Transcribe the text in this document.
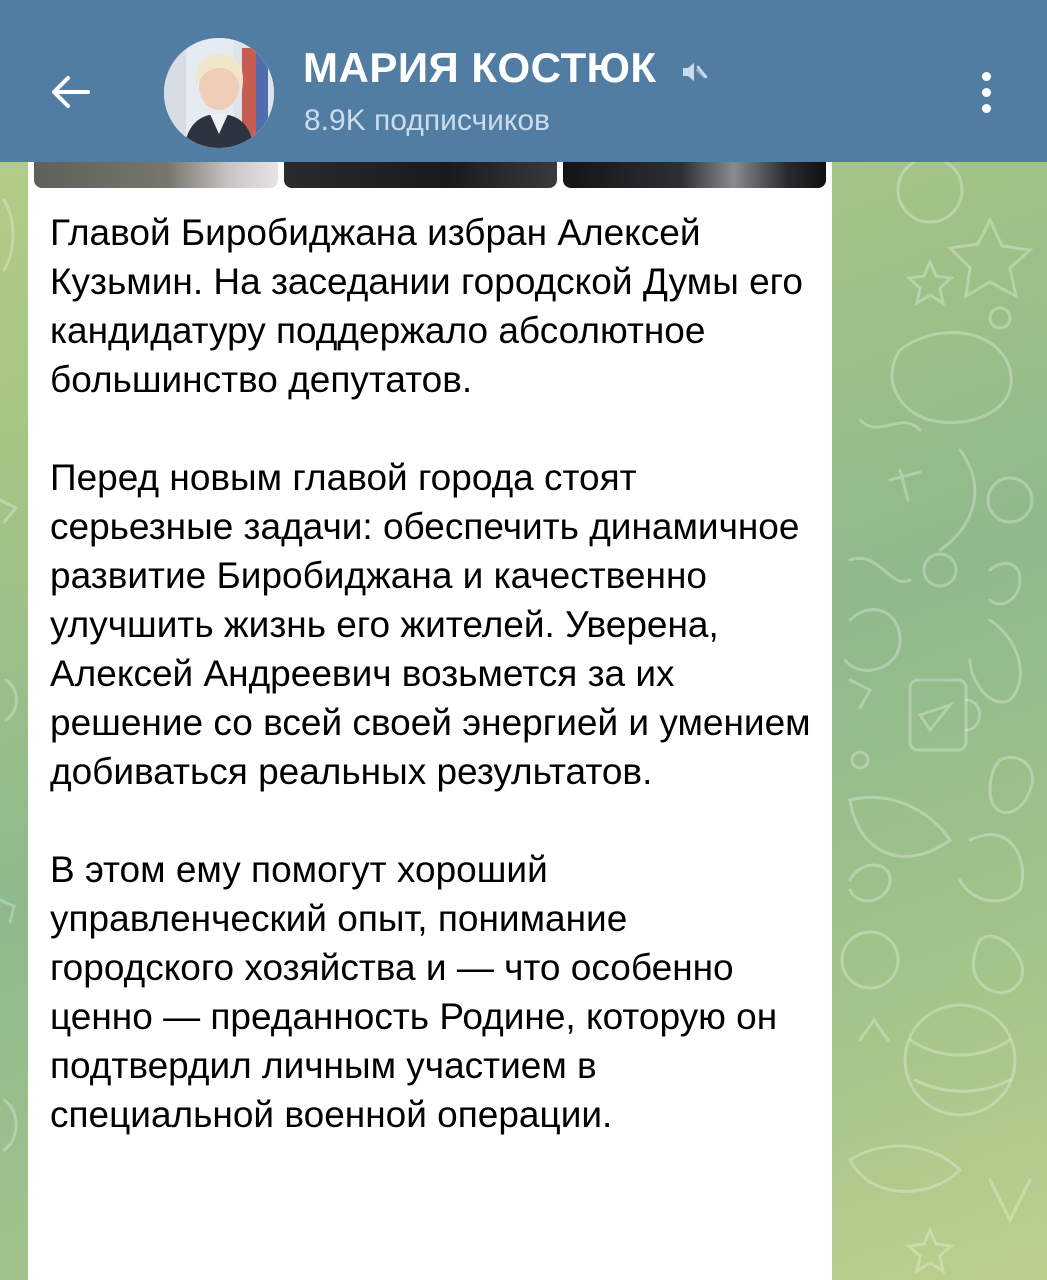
МАРИЯ КОСТЮК
8.9K подписчиков

Главой Биробиджана избран Алексей Кузьмин. На заседании городской Думы его кандидатуру поддержало абсолютное большинство депутатов.

Перед новым главой города стоят серьезные задачи: обеспечить динамичное развитие Биробиджана и качественно улучшить жизнь его жителей. Уверена, Алексей Андреевич возьмется за их решение со всей своей энергией и умением добиваться реальных результатов.

В этом ему помогут хороший управленческий опыт, понимание городского хозяйства и — что особенно ценно — преданность Родине, которую он подтвердил личным участием в специальной военной операции.
